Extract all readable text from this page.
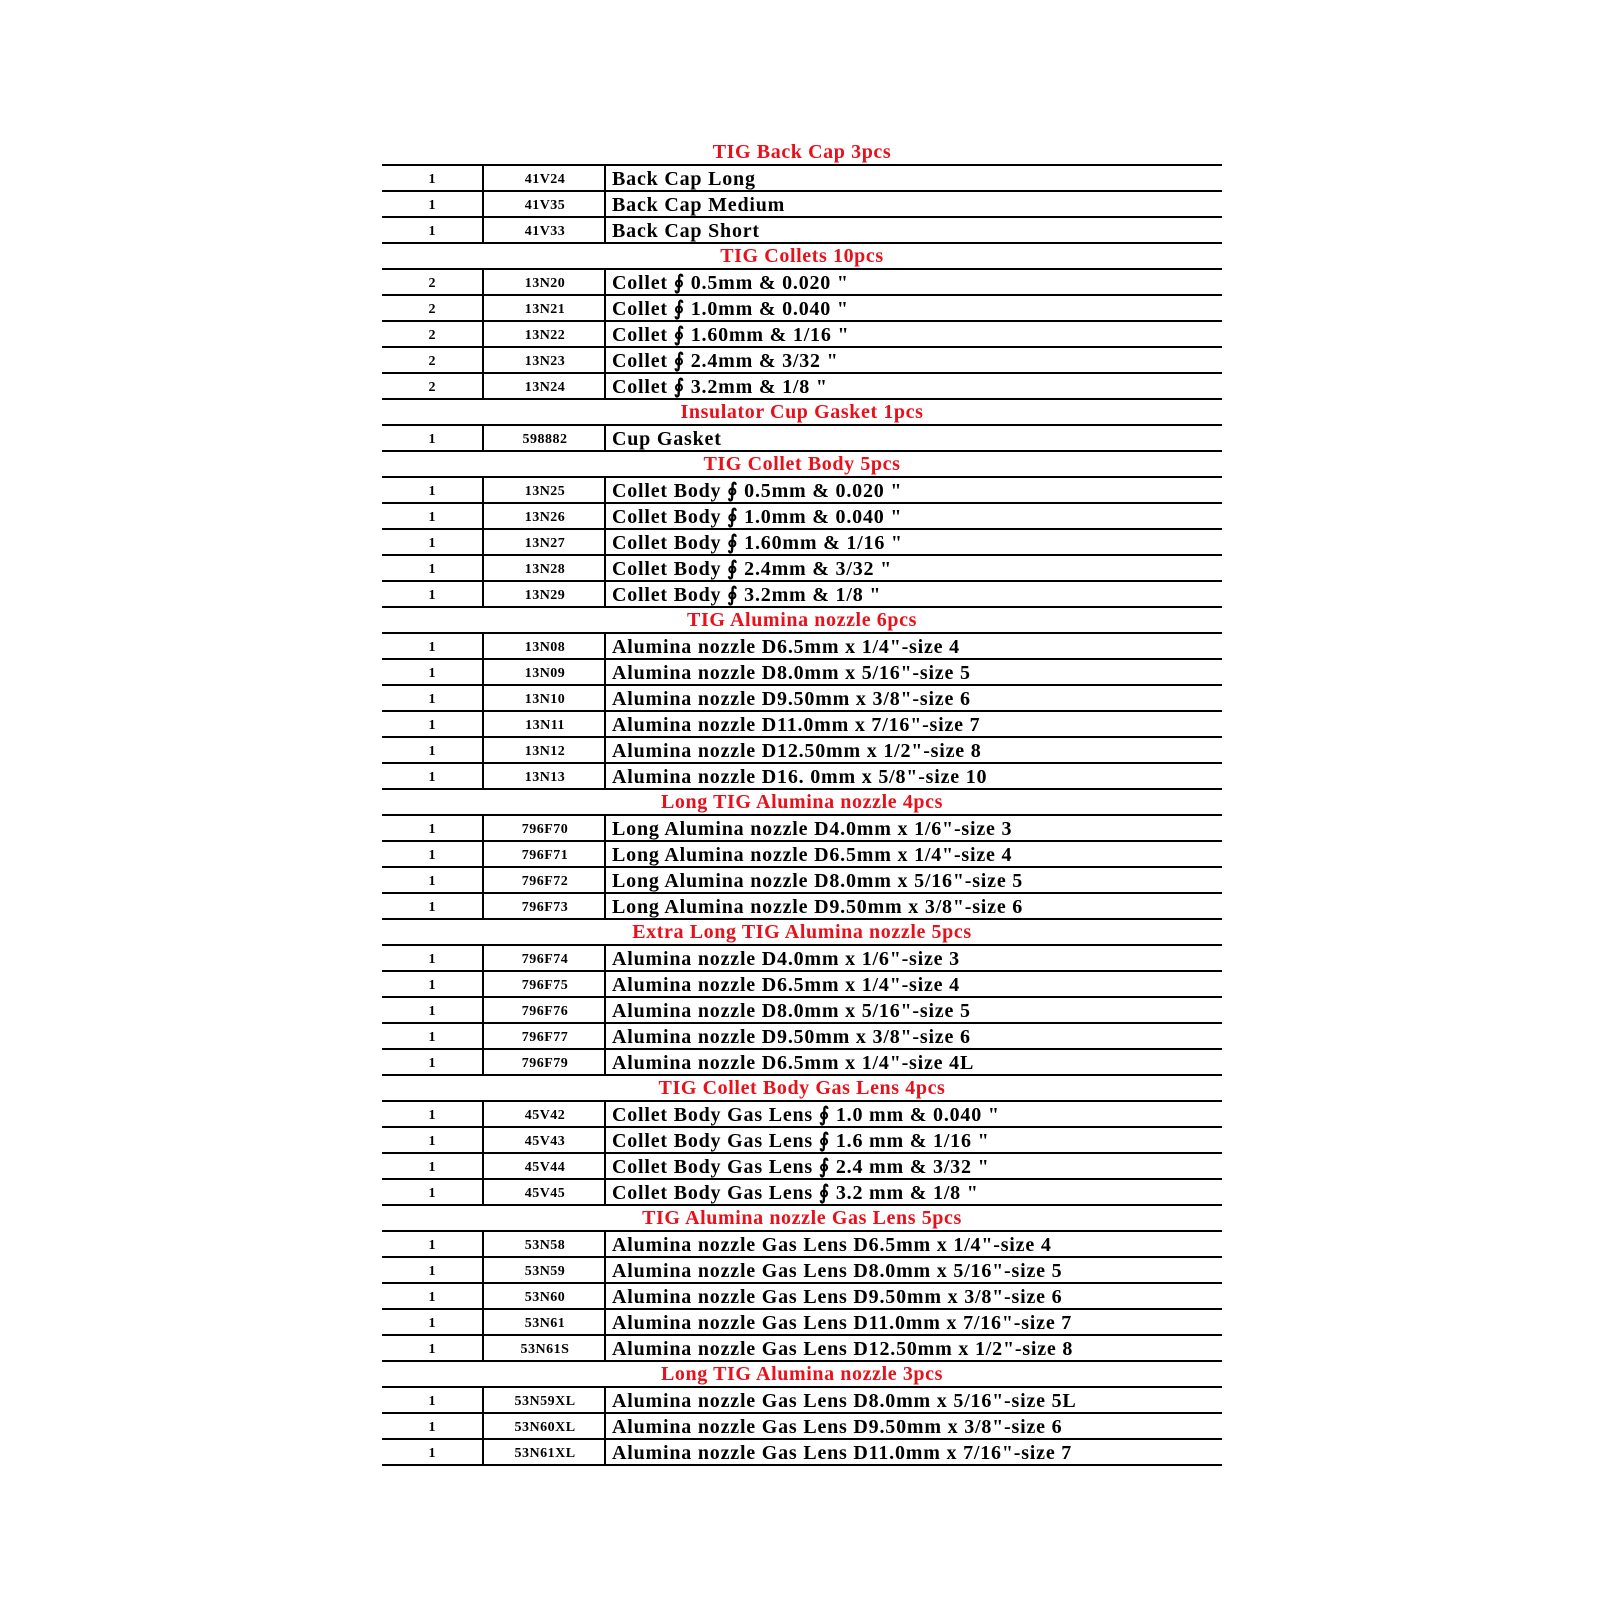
TIG Back Cap 3pcs
1	41V24	Back Cap Long
1	41V35	Back Cap Medium
1	41V33	Back Cap Short
TIG Collets 10pcs
2	13N20	Collet ∮ 0.5mm & 0.020 "
2	13N21	Collet ∮ 1.0mm & 0.040 "
2	13N22	Collet ∮ 1.60mm & 1/16 "
2	13N23	Collet ∮ 2.4mm & 3/32 "
2	13N24	Collet ∮ 3.2mm & 1/8 "
Insulator Cup Gasket 1pcs
1	598882	Cup Gasket
TIG Collet Body 5pcs
1	13N25	Collet Body ∮ 0.5mm & 0.020 "
1	13N26	Collet Body ∮ 1.0mm & 0.040 "
1	13N27	Collet Body ∮ 1.60mm & 1/16 "
1	13N28	Collet Body ∮ 2.4mm & 3/32 "
1	13N29	Collet Body ∮ 3.2mm & 1/8 "
TIG Alumina nozzle 6pcs
1	13N08	Alumina nozzle D6.5mm x 1/4"-size 4
1	13N09	Alumina nozzle D8.0mm x 5/16"-size 5
1	13N10	Alumina nozzle D9.50mm x 3/8"-size 6
1	13N11	Alumina nozzle D11.0mm x 7/16"-size 7
1	13N12	Alumina nozzle D12.50mm x 1/2"-size 8
1	13N13	Alumina nozzle D16. 0mm x 5/8"-size 10
Long TIG Alumina nozzle 4pcs
1	796F70	Long Alumina nozzle D4.0mm x 1/6"-size 3
1	796F71	Long Alumina nozzle D6.5mm x 1/4"-size 4
1	796F72	Long Alumina nozzle D8.0mm x 5/16"-size 5
1	796F73	Long Alumina nozzle D9.50mm x 3/8"-size 6
Extra Long TIG Alumina nozzle 5pcs
1	796F74	Alumina nozzle D4.0mm x 1/6"-size 3
1	796F75	Alumina nozzle D6.5mm x 1/4"-size 4
1	796F76	Alumina nozzle D8.0mm x 5/16"-size 5
1	796F77	Alumina nozzle D9.50mm x 3/8"-size 6
1	796F79	Alumina nozzle D6.5mm x 1/4"-size 4L
TIG Collet Body Gas Lens 4pcs
1	45V42	Collet Body Gas Lens ∮ 1.0 mm & 0.040 "
1	45V43	Collet Body Gas Lens ∮ 1.6 mm & 1/16 "
1	45V44	Collet Body Gas Lens ∮ 2.4 mm & 3/32 "
1	45V45	Collet Body Gas Lens ∮ 3.2 mm & 1/8 "
TIG Alumina nozzle Gas Lens 5pcs
1	53N58	Alumina nozzle Gas Lens D6.5mm x 1/4"-size 4
1	53N59	Alumina nozzle Gas Lens D8.0mm x 5/16"-size 5
1	53N60	Alumina nozzle Gas Lens D9.50mm x 3/8"-size 6
1	53N61	Alumina nozzle Gas Lens D11.0mm x 7/16"-size 7
1	53N61S	Alumina nozzle Gas Lens D12.50mm x 1/2"-size 8
Long TIG Alumina nozzle 3pcs
1	53N59XL	Alumina nozzle Gas Lens D8.0mm x 5/16"-size 5L
1	53N60XL	Alumina nozzle Gas Lens D9.50mm x 3/8"-size 6
1	53N61XL	Alumina nozzle Gas Lens D11.0mm x 7/16"-size 7
